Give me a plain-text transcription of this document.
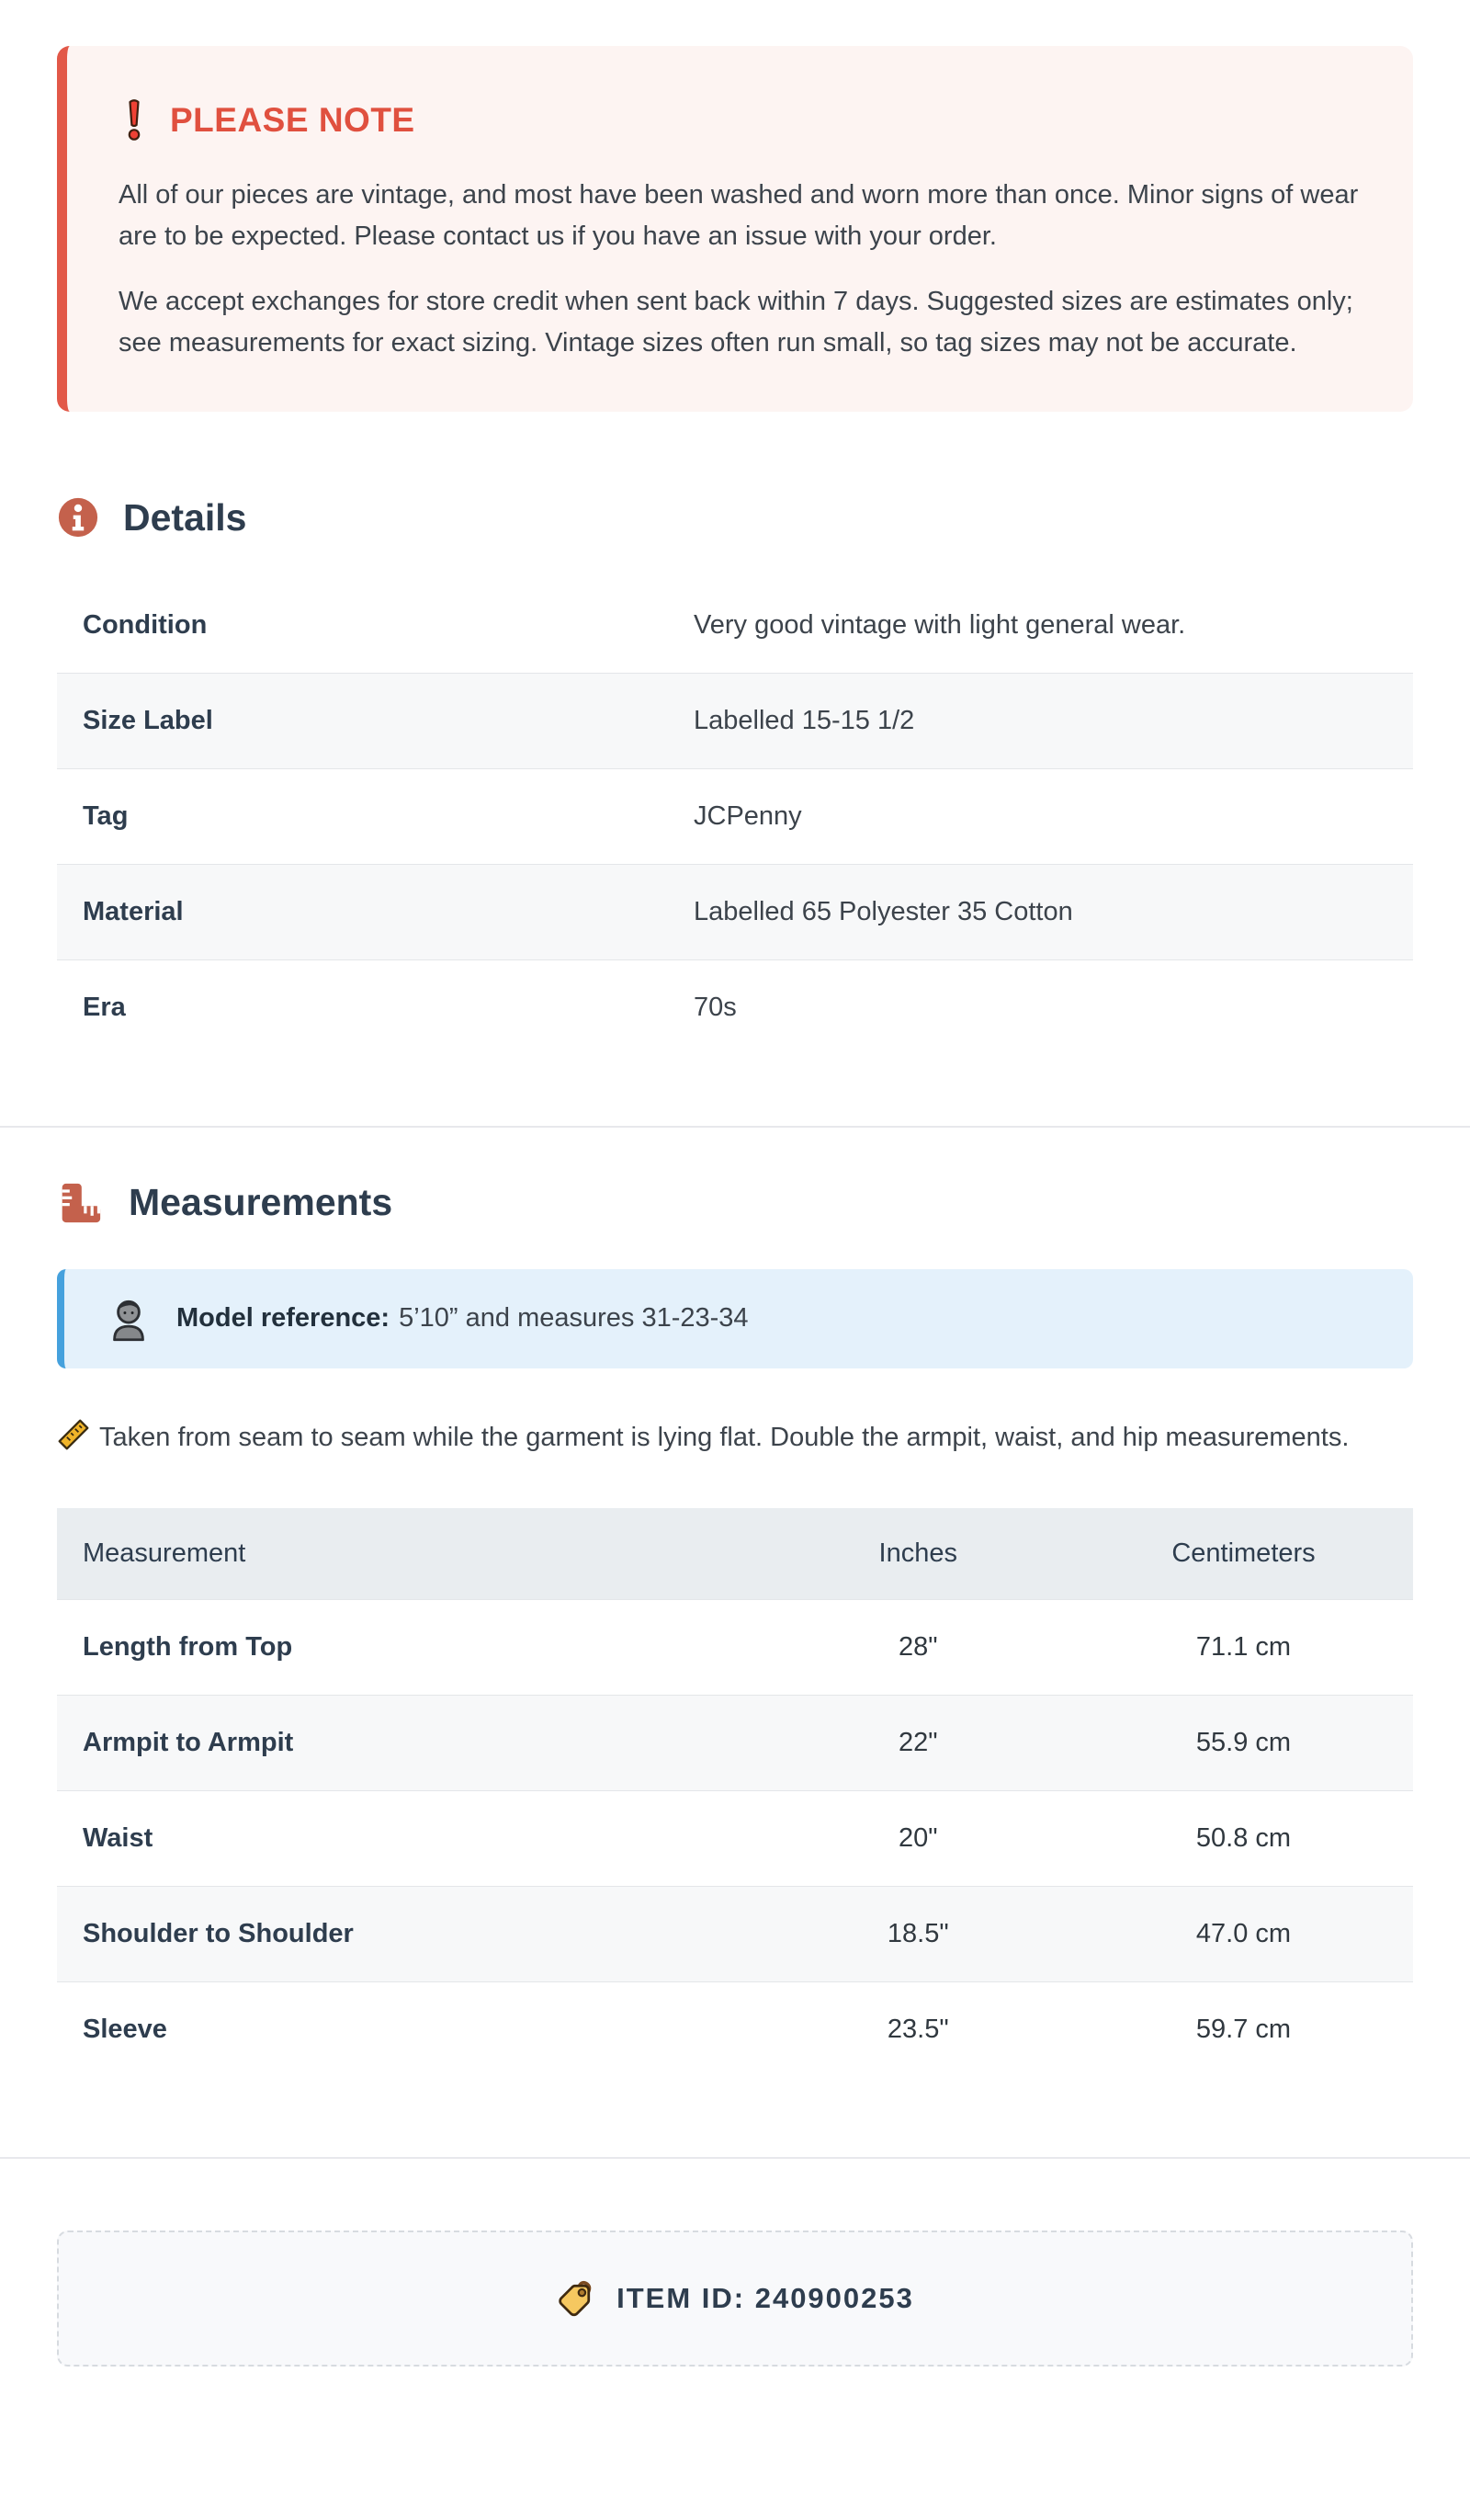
PLEASE NOTE

All of our pieces are vintage, and most have been washed and worn more than once. Minor signs of wear are to be expected. Please contact us if you have an issue with your order.

We accept exchanges for store credit when sent back within 7 days. Suggested sizes are estimates only; see measurements for exact sizing. Vintage sizes often run small, so tag sizes may not be accurate.

Details
Condition	Very good vintage with light general wear.
Size Label	Labelled 15-15 1/2
Tag	JCPenny
Material	Labelled 65 Polyester 35 Cotton
Era	70s
Measurements
Model reference: 5’10” and measures 31-23-34

Taken from seam to seam while the garment is lying flat. Double the armpit, waist, and hip measurements.

Measurement	Inches	Centimeters
Length from Top	28"	71.1 cm
Armpit to Armpit	22"	55.9 cm
Waist	20"	50.8 cm
Shoulder to Shoulder	18.5"	47.0 cm
Sleeve	23.5"	59.7 cm
ITEM ID: 240900253
